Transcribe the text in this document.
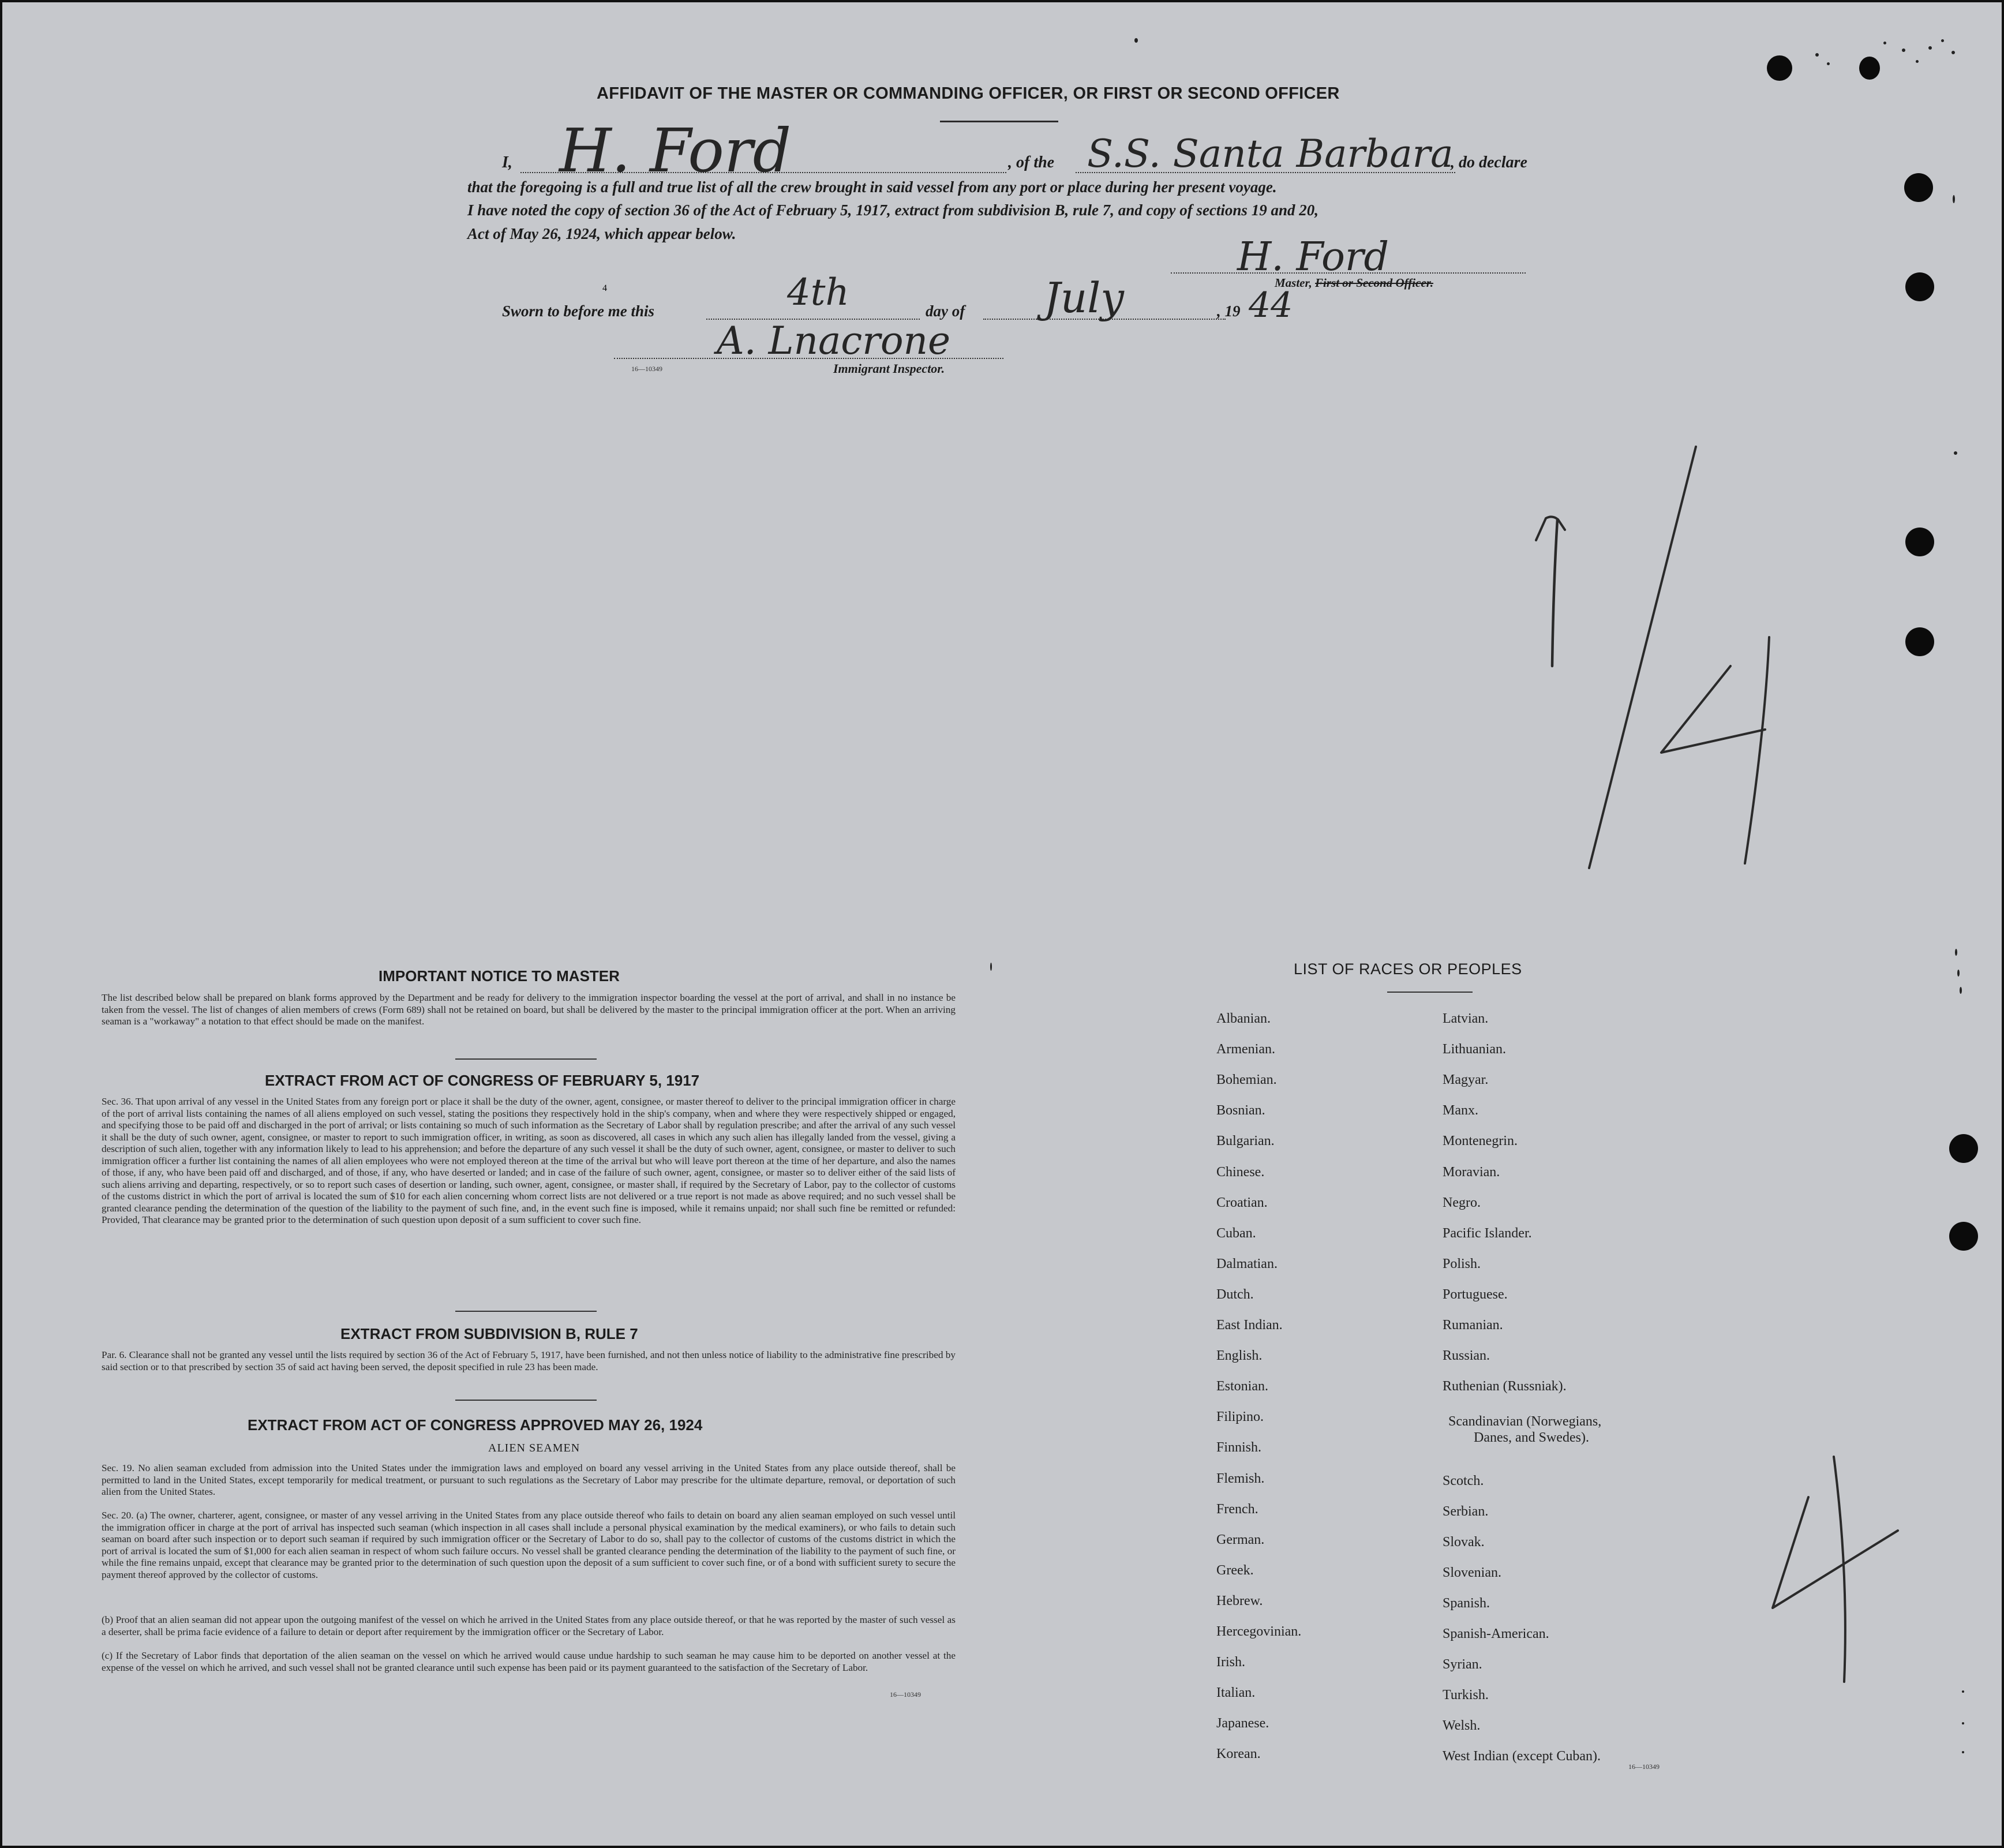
AFFIDAVIT OF THE MASTER OR COMMANDING OFFICER, OR FIRST OR SECOND OFFICER
I, H. Ford	, of the S.S. Santa Barbara
, do declare
that the foregoing is a full and true list of all the crew brought in said vessel from any port or place during her present voyage.
I have noted the copy of section 36 of the Act of February 5, 1917, extract from subdivision B, rule 7, and copy of sections 19 and 20,
Act of May 26, 1924, which appear below.
H. Ford
Master, First or Second Officer.
Sworn to before me this	4th	day of July	, 19 44
A. Lnacrone
16—10349	Immigrant Inspector.
IMPORTANT NOTICE TO MASTER
The list described below shall be prepared on blank forms approved by the Department and be ready for delivery to the immigration inspector boarding the vessel at the port of arrival, and shall in no instance be taken from the vessel. The list of changes of alien members of crews (Form 689) shall not be retained on board, but shall be delivered by the master to the principal immigration officer at the port. When an arriving seaman is a "workaway" a notation to that effect should be made on the manifest.
EXTRACT FROM ACT OF CONGRESS OF FEBRUARY 5, 1917
Sec. 36. That upon arrival of any vessel in the United States from any foreign port or place it shall be the duty of the owner, agent, consignee, or master thereof to deliver to the principal immigration officer in charge of the port of arrival lists containing the names of all aliens employed on such vessel, stating the positions they respectively hold in the ship's company, when and where they were respectively shipped or engaged, and specifying those to be paid off and discharged in the port of arrival; or lists containing so much of such information as the Secretary of Labor shall by regulation prescribe; and after the arrival of any such vessel it shall be the duty of such owner, agent, consignee, or master to report to such immigration officer, in writing, as soon as discovered, all cases in which any such alien has illegally landed from the vessel, giving a description of such alien, together with any information likely to lead to his apprehension; and before the departure of any such vessel it shall be the duty of such owner, agent, consignee, or master to deliver to such immigration officer a further list containing the names of all alien employees who were not employed thereon at the time of the arrival but who will leave port thereon at the time of her departure, and also the names of those, if any, who have been paid off and discharged, and of those, if any, who have deserted or landed; and in case of the failure of such owner, agent, consignee, or master so to deliver either of the said lists of such aliens arriving and departing, respectively, or so to report such cases of desertion or landing, such owner, agent, consignee, or master shall, if required by the Secretary of Labor, pay to the collector of customs of the customs district in which the port of arrival is located the sum of $10 for each alien concerning whom correct lists are not delivered or a true report is not made as above required; and no such vessel shall be granted clearance pending the determination of the question of the liability to the payment of such fine, and, in the event such fine is imposed, while it remains unpaid; nor shall such fine be remitted or refunded: Provided, That clearance may be granted prior to the determination of such question upon deposit of a sum sufficient to cover such fine.
EXTRACT FROM SUBDIVISION B, RULE 7
Par. 6. Clearance shall not be granted any vessel until the lists required by section 36 of the Act of February 5, 1917, have been furnished, and not then unless notice of liability to the administrative fine prescribed by said section or to that prescribed by section 35 of said act having been served, the deposit specified in rule 23 has been made.
EXTRACT FROM ACT OF CONGRESS APPROVED MAY 26, 1924
ALIEN SEAMEN
Sec. 19. No alien seaman excluded from admission into the United States under the immigration laws and employed on board any vessel arriving in the United States from any place outside thereof, shall be permitted to land in the United States, except temporarily for medical treatment, or pursuant to such regulations as the Secretary of Labor may prescribe for the ultimate departure, removal, or deportation of such alien from the United States.
Sec. 20. (a) The owner, charterer, agent, consignee, or master of any vessel arriving in the United States from any place outside thereof who fails to detain on board any alien seaman employed on such vessel until the immigration officer in charge at the port of arrival has inspected such seaman (which inspection in all cases shall include a personal physical examination by the medical examiners), or who fails to detain such seaman on board after such inspection or to deport such seaman if required by such immigration officer or the Secretary of Labor to do so, shall pay to the collector of customs of the customs district in which the port of arrival is located the sum of $1,000 for each alien seaman in respect of whom such failure occurs. No vessel shall be granted clearance pending the determination of the liability to the payment of such fine, or while the fine remains unpaid, except that clearance may be granted prior to the determination of such question upon the deposit of a sum sufficient to cover such fine, or of a bond with sufficient surety to secure the payment thereof approved by the collector of customs.
(b) Proof that an alien seaman did not appear upon the outgoing manifest of the vessel on which he arrived in the United States from any place outside thereof, or that he was reported by the master of such vessel as a deserter, shall be prima facie evidence of a failure to detain or deport after requirement by the immigration officer or the Secretary of Labor.
(c) If the Secretary of Labor finds that deportation of the alien seaman on the vessel on which he arrived would cause undue hardship to such seaman he may cause him to be deported on another vessel at the expense of the vessel on which he arrived, and such vessel shall not be granted clearance until such expense has been paid or its payment guaranteed to the satisfaction of the Secretary of Labor.
16—10349
LIST OF RACES OR PEOPLES
Albanian.
Armenian.
Bohemian.
Bosnian.
Bulgarian.
Chinese.
Croatian.
Cuban.
Dalmatian.
Dutch.
East Indian.
English.
Estonian.
Filipino.
Finnish.
Flemish.
French.
German.
Greek.
Hebrew.
Hercegovinian.
Irish.
Italian.
Japanese.
Korean.
Latvian.
Lithuanian.
Magyar.
Manx.
Montenegrin.
Moravian.
Negro.
Pacific Islander.
Polish.
Portuguese.
Rumanian.
Russian.
Ruthenian (Russniak).
Scandinavian (Norwegians,
Danes, and Swedes).
Scotch.
Serbian.
Slovak.
Slovenian.
Spanish.
Spanish-American.
Syrian.
Turkish.
Welsh.
West Indian (except Cuban).
16—10349
4
